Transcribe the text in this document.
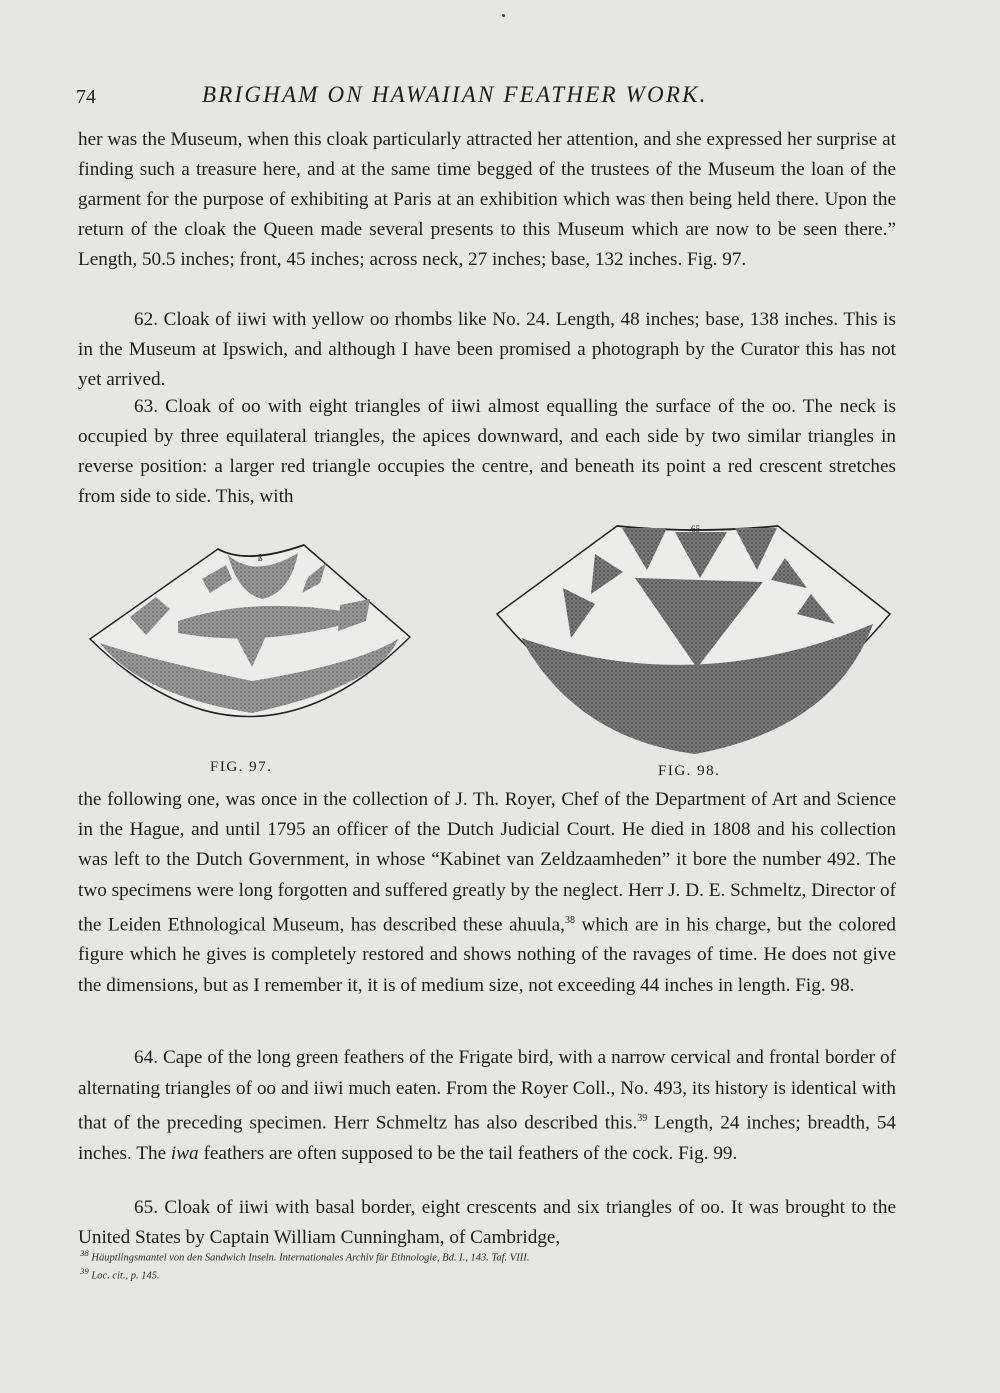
74	BRIGHAM ON HAWAIIAN FEATHER WORK.

her was the Museum, when this cloak particularly attracted her attention, and she expressed her surprise at finding such a treasure here, and at the same time begged of the trustees of the Museum the loan of the garment for the purpose of exhibiting at Paris at an exhibition which was then being held there. Upon the return of the cloak the Queen made several presents to this Museum which are now to be seen there.” Length, 50.5 inches; front, 45 inches; across neck, 27 inches; base, 132 inches. Fig. 97.

62. Cloak of iiwi with yellow oo rhombs like No. 24. Length, 48 inches; base, 138 inches. This is in the Museum at Ipswich, and although I have been promised a photograph by the Curator this has not yet arrived.

63. Cloak of oo with eight triangles of iiwi almost equalling the surface of the oo. The neck is occupied by three equilateral triangles, the apices downward, and each side by two similar triangles in reverse position: a larger red triangle occupies the centre, and beneath its point a red crescent stretches from side to side. This, with

ß
FIG. 97.
65
FIG. 98.

the following one, was once in the collection of J. Th. Royer, Chef of the Department of Art and Science in the Hague, and until 1795 an officer of the Dutch Judicial Court. He died in 1808 and his collection was left to the Dutch Government, in whose “Kabinet van Zeldzaamheden” it bore the number 492. The two specimens were long forgotten and suffered greatly by the neglect. Herr J. D. E. Schmeltz, Director of the Leiden Ethnological Museum, has described these ahuula,$^{38}$ which are in his charge, but the colored figure which he gives is completely restored and shows nothing of the ravages of time. He does not give the dimensions, but as I remember it, it is of medium size, not exceeding 44 inches in length. Fig. 98.

64. Cape of the long green feathers of the Frigate bird, with a narrow cervical and frontal border of alternating triangles of oo and iiwi much eaten. From the Royer Coll., No. 493, its history is identical with that of the preceding specimen. Herr Schmeltz has also described this.$^{39}$ Length, 24 inches; breadth, 54 inches. The iwa feathers are often supposed to be the tail feathers of the cock. Fig. 99.

65. Cloak of iiwi with basal border, eight crescents and six triangles of oo. It was brought to the United States by Captain William Cunningham, of Cambridge,

$^{38}$ Häuptlingsmantel von den Sandwich Inseln. Internationales Archiv für Ethnologie, Bd. I., 143. Taf. VIII.
$^{39}$ Loc. cit., p. 145.
